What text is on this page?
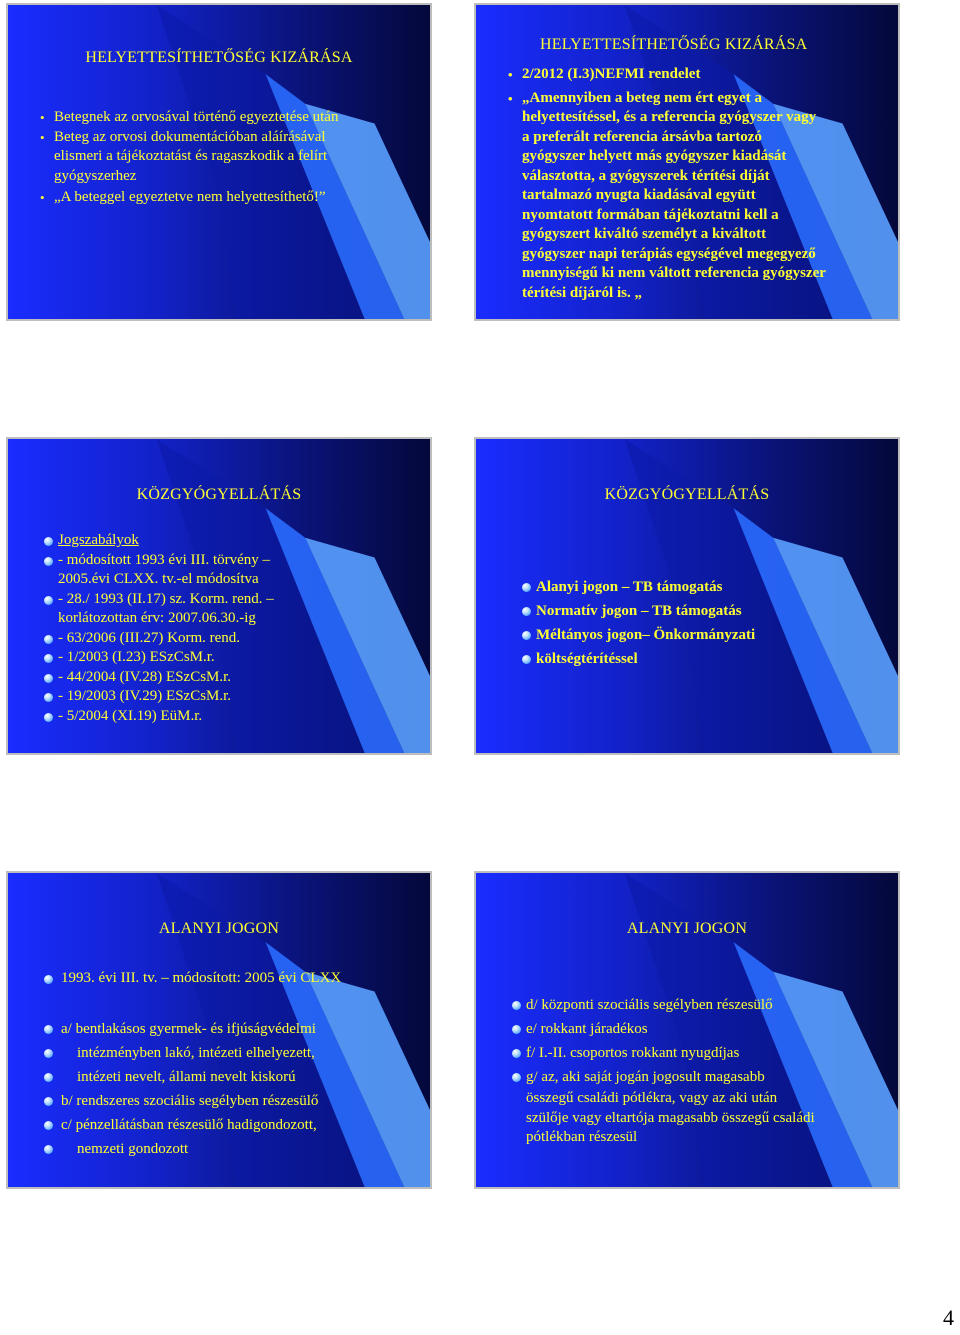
HELYETTESÍTHETŐSÉG KIZÁRÁSA
• Betegnek az orvosával történő egyeztetése után
• Beteg az orvosi dokumentációban aláírásával
elismeri a tájékoztatást és ragaszkodik a felírt
gyógyszerhez
• „A beteggel egyeztetve nem helyettesíthető!”
HELYETTESÍTHETŐSÉG KIZÁRÁSA
• 2/2012 (I.3)NEFMI rendelet
• „Amennyiben a beteg nem ért egyet a
helyettesítéssel, és a referencia gyógyszer vagy
a preferált referencia ársávba tartozó
gyógyszer helyett más gyógyszer kiadását
választotta, a gyógyszerek térítési díját
tartalmazó nyugta kiadásával együtt
nyomtatott formában tájékoztatni kell a
gyógyszert kiváltó személyt a kiváltott
gyógyszer napi terápiás egységével megegyező
mennyiségű ki nem váltott referencia gyógyszer
térítési díjáról is. „
KÖZGYÓGYELLÁTÁS
Jogszabályok
- módosított 1993 évi III. törvény –
2005.évi CLXX. tv.-el módosítva
- 28./ 1993 (II.17) sz. Korm. rend. –
korlátozottan érv: 2007.06.30.-ig
- 63/2006 (III.27) Korm. rend.
- 1/2003 (I.23) ESzCsM.r.
- 44/2004 (IV.28) ESzCsM.r.
- 19/2003 (IV.29) ESzCsM.r.
- 5/2004 (XI.19) EüM.r.
KÖZGYÓGYELLÁTÁS
Alanyi jogon – TB támogatás
Normatív jogon – TB támogatás
Méltányos jogon– Önkormányzati
költségtérítéssel
ALANYI JOGON
1993. évi III. tv. – módosított: 2005 évi CLXX
a/ bentlakásos gyermek- és ifjúságvédelmi
intézményben lakó, intézeti elhelyezett,
intézeti nevelt, állami nevelt kiskorú
b/ rendszeres szociális segélyben részesülő
c/ pénzellátásban részesülő hadigondozott,
nemzeti gondozott
ALANYI JOGON
d/ központi szociális segélyben részesülő
e/ rokkant járadékos
f/ I.-II. csoportos rokkant nyugdíjas
g/ az, aki saját jogán jogosult magasabb
összegű családi pótlékra, vagy az aki után
szülője vagy eltartója magasabb összegű családi
pótlékban részesül
4
